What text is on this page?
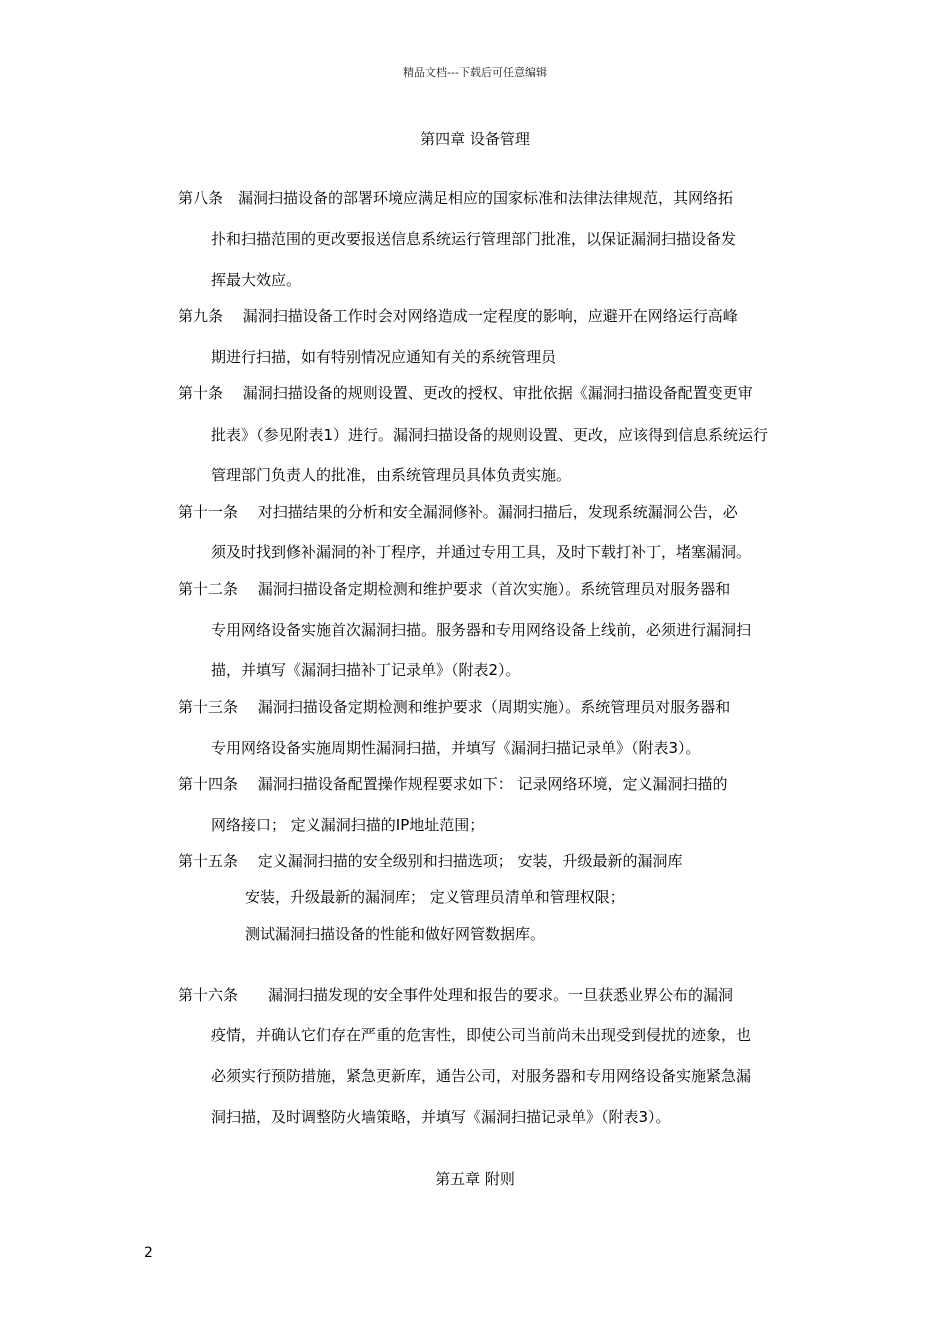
精品文档---下载后可任意编辑
第四章 设备管理
第八条　漏洞扫描设备的部署环境应满足相应的国家标准和法律法律规范，其网络拓
扑和扫描范围的更改要报送信息系统运行管理部门批准，以保证漏洞扫描设备发
挥最大效应。
第九条　 漏洞扫描设备工作时会对网络造成一定程度的影响，应避开在网络运行高峰
期进行扫描，如有特别情况应通知有关的系统管理员
第十条　 漏洞扫描设备的规则设置、更改的授权、审批依据《漏洞扫描设备配置变更审
批表》（参见附表1）进行。漏洞扫描设备的规则设置、更改，应该得到信息系统运行
管理部门负责人的批准，由系统管理员具体负责实施。
第十一条　 对扫描结果的分析和安全漏洞修补。漏洞扫描后，发现系统漏洞公告，必
须及时找到修补漏洞的补丁程序，并通过专用工具，及时下载打补丁，堵塞漏洞。
第十二条　 漏洞扫描设备定期检测和维护要求（首次实施）。系统管理员对服务器和
专用网络设备实施首次漏洞扫描。服务器和专用网络设备上线前，必须进行漏洞扫
描，并填写《漏洞扫描补丁记录单》（附表2）。
第十三条　 漏洞扫描设备定期检测和维护要求（周期实施）。系统管理员对服务器和
专用网络设备实施周期性漏洞扫描，并填写《漏洞扫描记录单》（附表3）。
第十四条　 漏洞扫描设备配置操作规程要求如下： 记录网络环境，定义漏洞扫描的
网络接口； 定义漏洞扫描的IP地址范围；
第十五条　 定义漏洞扫描的安全级别和扫描选项； 安装，升级最新的漏洞库
安装，升级最新的漏洞库； 定义管理员清单和管理权限；
测试漏洞扫描设备的性能和做好网管数据库。
第十六条　　漏洞扫描发现的安全事件处理和报告的要求。一旦获悉业界公布的漏洞
疫情，并确认它们存在严重的危害性，即使公司当前尚未出现受到侵扰的迹象，也
必须实行预防措施，紧急更新库，通告公司，对服务器和专用网络设备实施紧急漏
洞扫描，及时调整防火墙策略，并填写《漏洞扫描记录单》（附表3）。
第五章 附则
2
